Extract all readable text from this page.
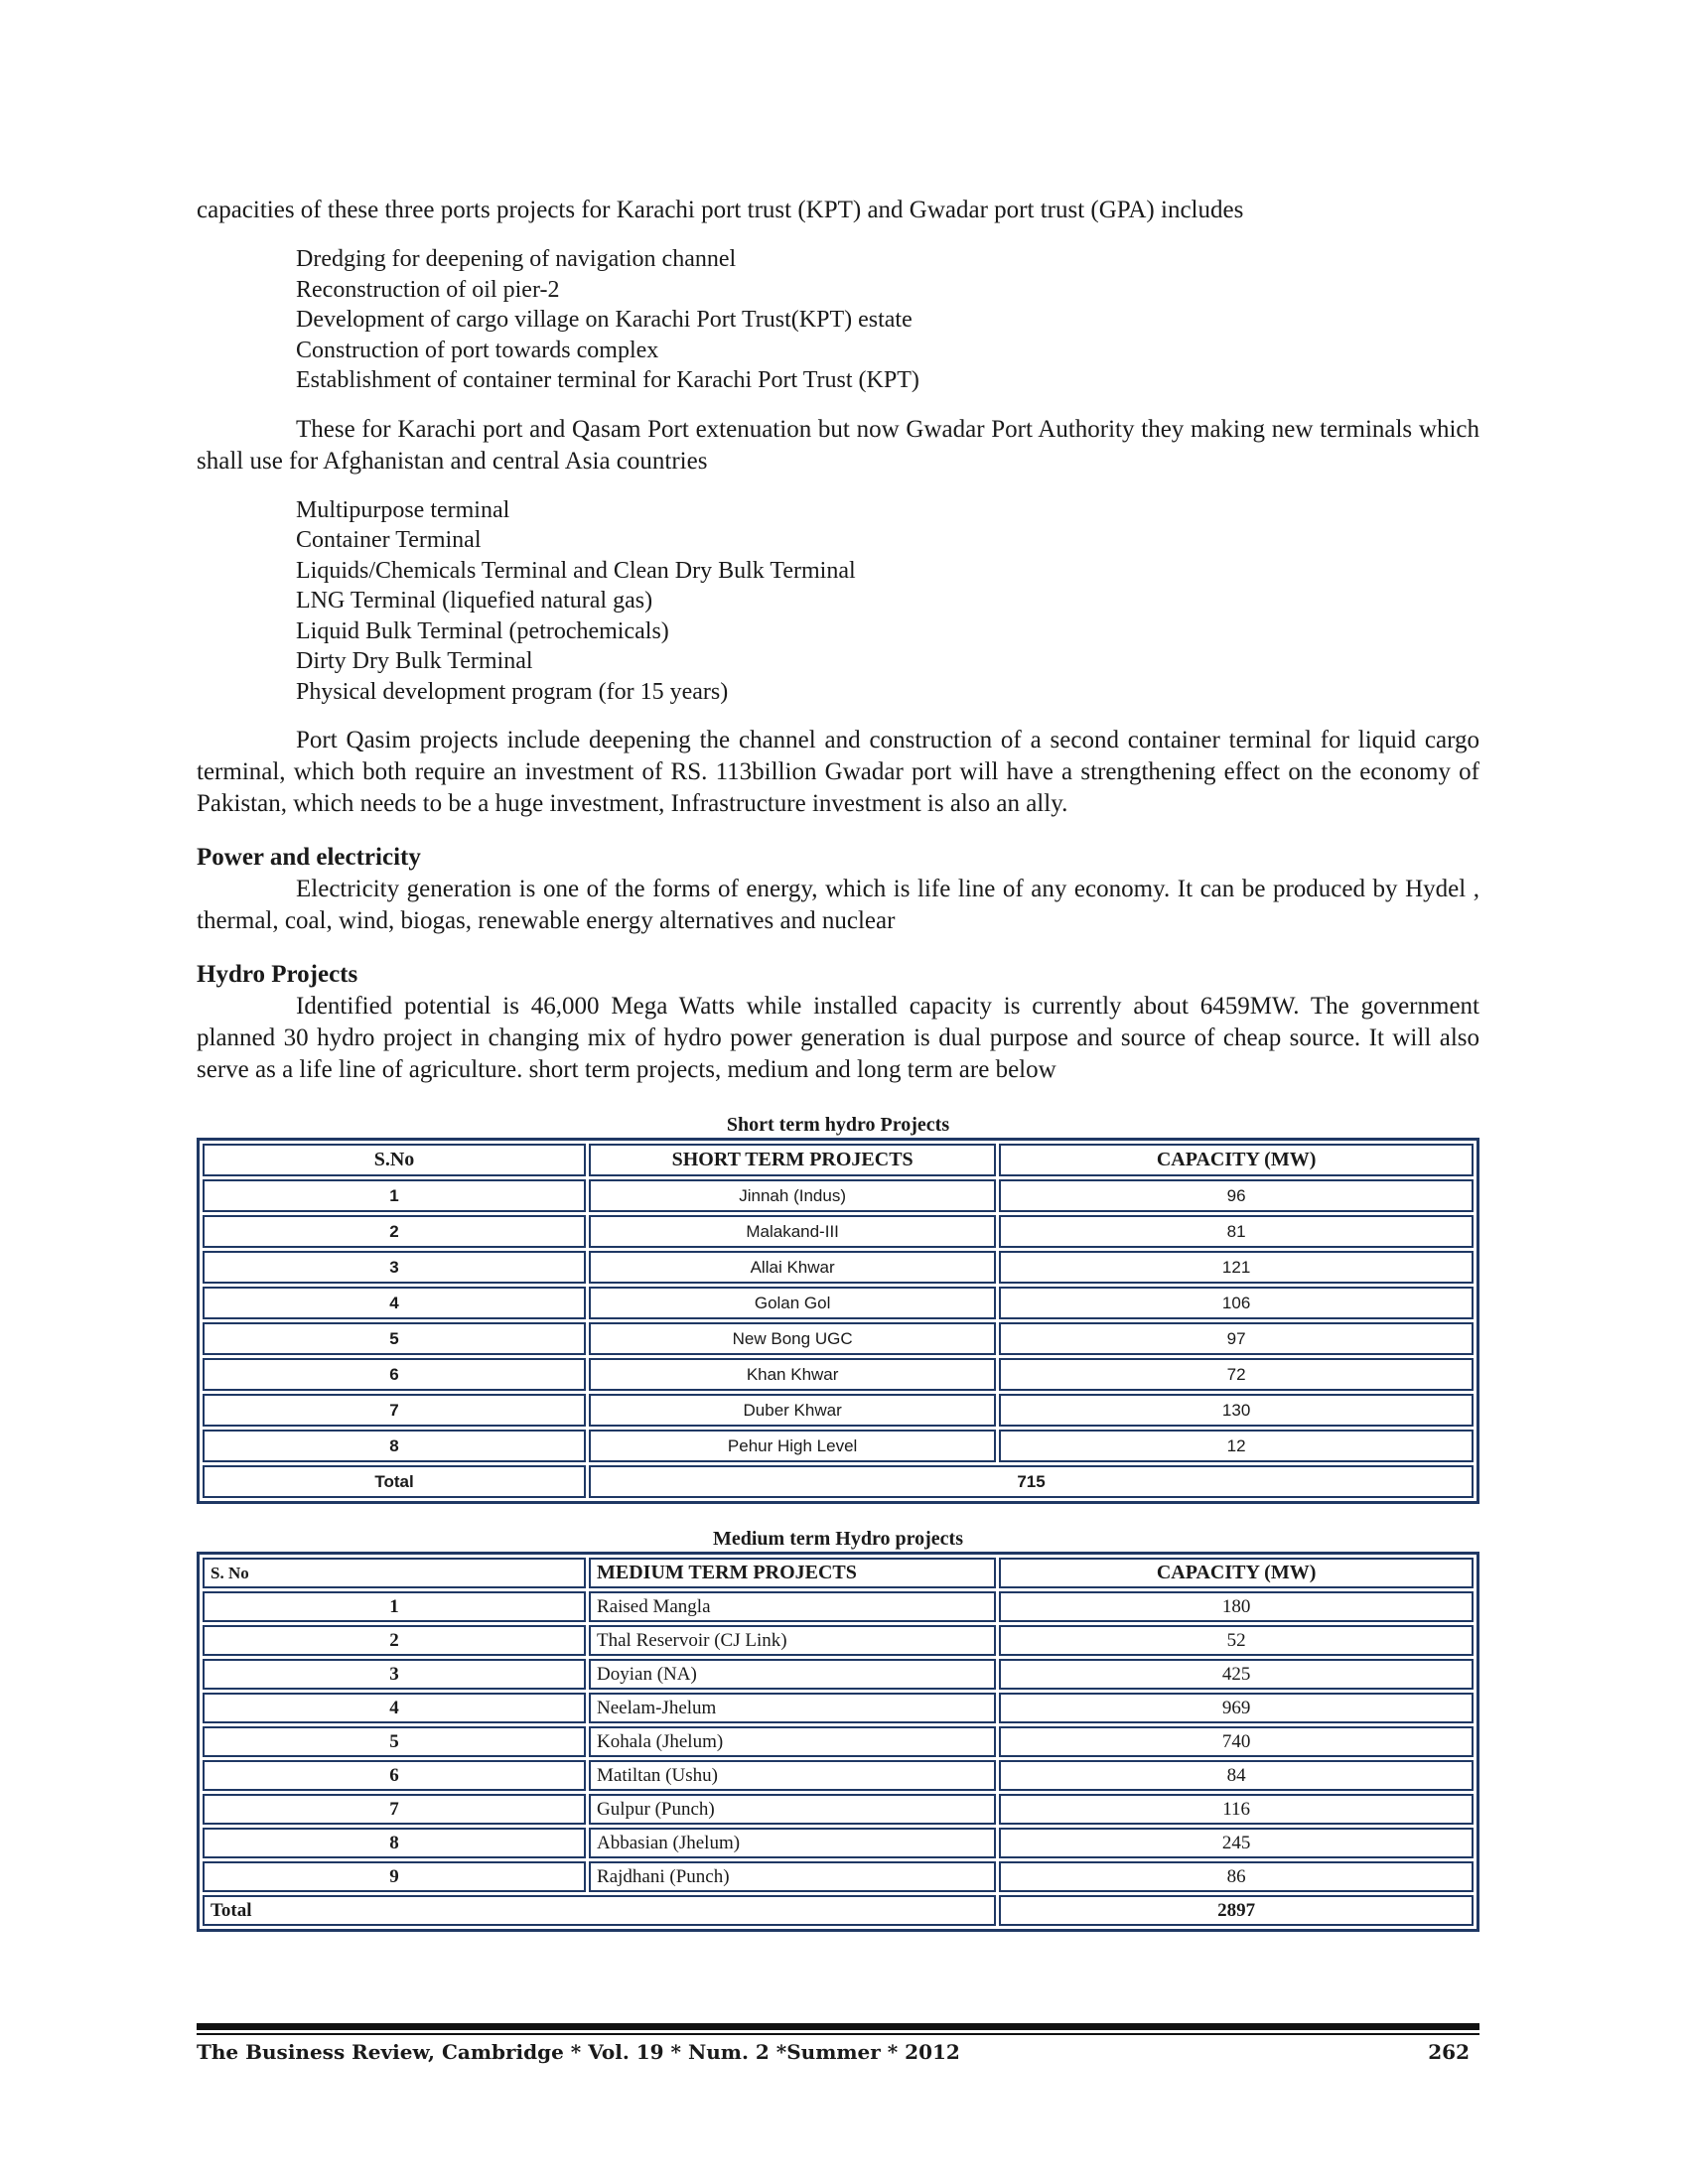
capacities of these three ports projects for Karachi port trust (KPT) and Gwadar port trust (GPA) includes

Dredging for deepening of navigation channel
Reconstruction of oil pier-2
Development of cargo village on Karachi Port Trust(KPT) estate
Construction of port towards complex
Establishment of container terminal for Karachi Port Trust (KPT)

These for Karachi port and Qasam Port extenuation but now Gwadar Port Authority they making new terminals which shall use for Afghanistan and central Asia countries

Multipurpose terminal
Container Terminal
Liquids/Chemicals Terminal and Clean Dry Bulk Terminal
LNG Terminal (liquefied natural gas)
Liquid Bulk Terminal (petrochemicals)
Dirty Dry Bulk Terminal
Physical development program (for 15 years)

Port Qasim projects include deepening the channel and construction of a second container terminal for liquid cargo terminal, which both require an investment of RS. 113billion Gwadar port will have a strengthening effect on the economy of Pakistan, which needs to be a huge investment, Infrastructure investment is also an ally.

Power and electricity

Electricity generation is one of the forms of energy, which is life line of any economy. It can be produced by Hydel , thermal, coal, wind, biogas, renewable energy alternatives and nuclear

Hydro Projects

Identified potential is 46,000 Mega Watts while installed capacity is currently about 6459MW. The government planned 30 hydro project in changing mix of hydro power generation is dual purpose and source of cheap source. It will also serve as a life line of agriculture. short term projects, medium and long term are below

Short term hydro Projects

S.No	SHORT TERM PROJECTS	CAPACITY (MW)
1	Jinnah (Indus)	96
2	Malakand-III	81
3	Allai Khwar	121
4	Golan Gol	106
5	New Bong UGC	97
6	Khan Khwar	72
7	Duber Khwar	130
8	Pehur High Level	12
Total	715	

Medium term Hydro projects

S. No	MEDIUM TERM PROJECTS	CAPACITY (MW)
1	Raised Mangla	180
2	Thal Reservoir (CJ Link)	52
3	Doyian (NA)	425
4	Neelam-Jhelum	969
5	Kohala (Jhelum)	740
6	Matiltan (Ushu)	84
7	Gulpur (Punch)	116
8	Abbasian (Jhelum)	245
9	Rajdhani (Punch)	86
Total		2897
The Business Review, Cambridge * Vol. 19 * Num. 2 *Summer * 2012	262
